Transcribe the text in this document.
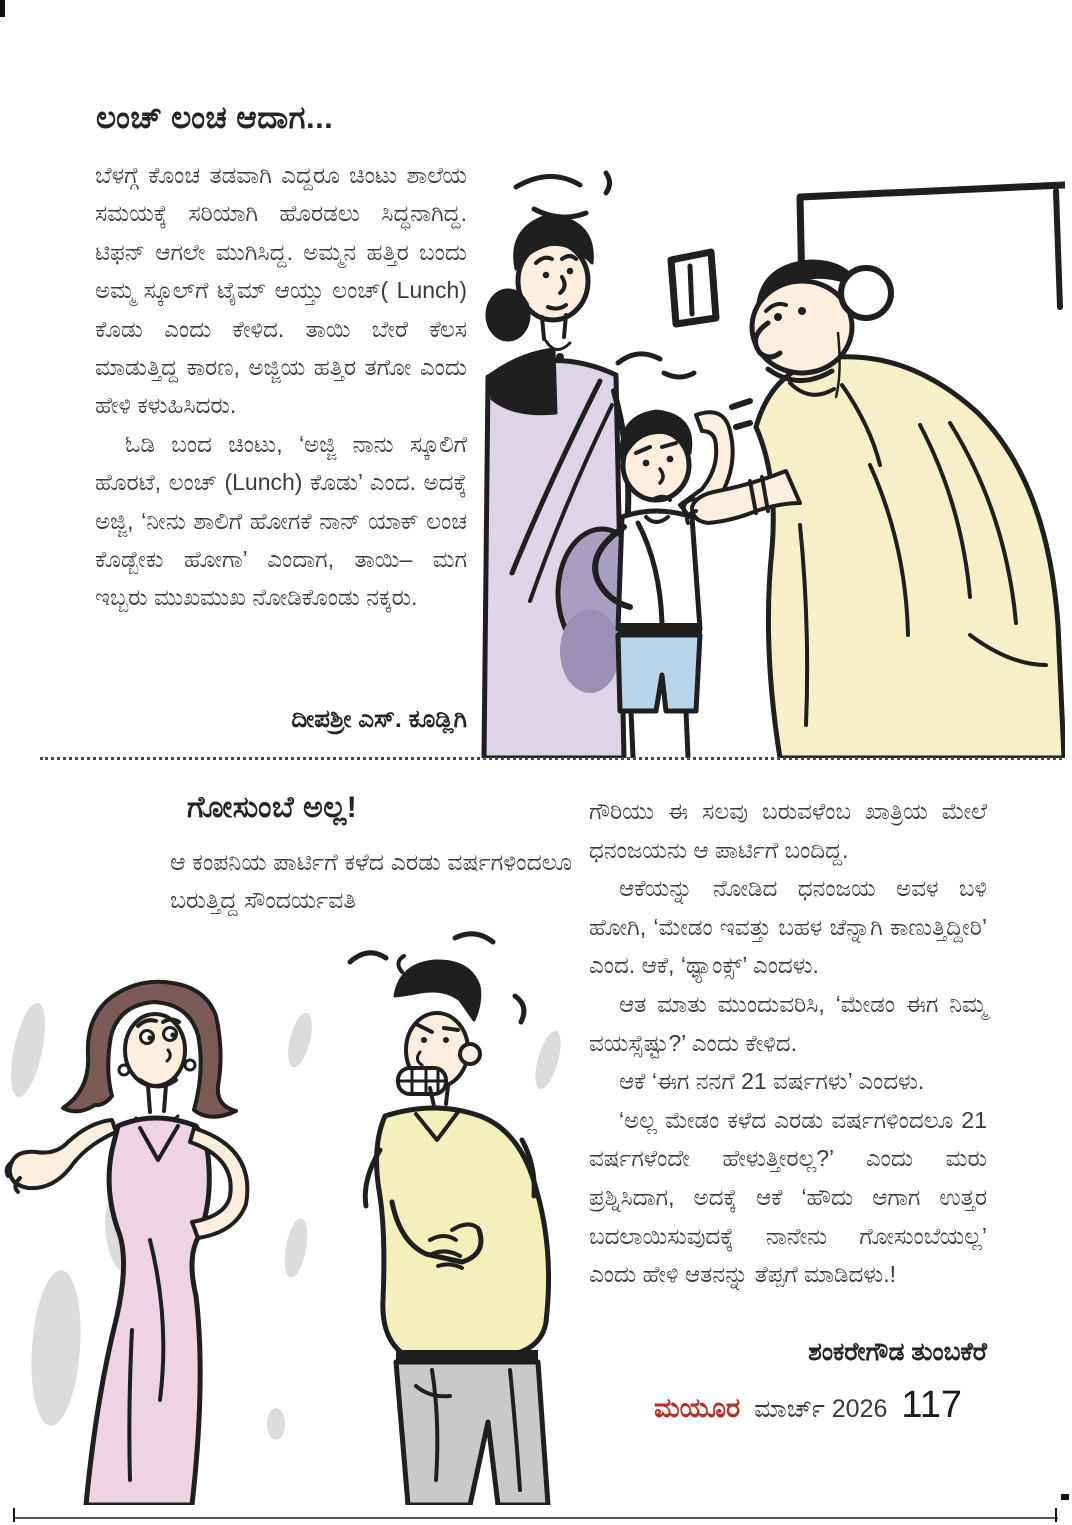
ಲಂಚ್ ಲಂಚ ಆದಾಗ...

ಬೆಳಗ್ಗೆ ಕೊಂಚ ತಡವಾಗಿ ಎದ್ದರೂ ಚಿಂಟು ಶಾಲೆಯ ಸಮಯಕ್ಕೆ ಸರಿಯಾಗಿ ಹೊರಡಲು ಸಿದ್ಧನಾಗಿದ್ದ. ಟಿಫನ್ ಆಗಲೇ ಮುಗಿಸಿದ್ದ. ಅಮ್ಮನ ಹತ್ತಿರ ಬಂದು ಅಮ್ಮ ಸ್ಕೂಲ್‌ಗೆ ಟೈಮ್ ಆಯ್ತು ಲಂಚ್( Lunch) ಕೊಡು ಎಂದು ಕೇಳಿದ. ತಾಯಿ ಬೇರೆ ಕೆಲಸ ಮಾಡುತ್ತಿದ್ದ ಕಾರಣ, ಅಜ್ಜಿಯ ಹತ್ತಿರ ತಗೋ ಎಂದು ಹೇಳಿ ಕಳುಹಿಸಿದರು.

ಓಡಿ ಬಂದ ಚಿಂಟು, ‘ಅಜ್ಜಿ ನಾನು ಸ್ಕೂಲಿಗೆ ಹೊರಟೆ, ಲಂಚ್ (Lunch) ಕೊಡು’ ಎಂದ. ಅದಕ್ಕೆ ಅಜ್ಜಿ, ‘ನೀನು ಶಾಲಿಗೆ ಹೋಗಕೆ ನಾನ್ ಯಾಕ್ ಲಂಚ ಕೊಡ್ಬೇಕು ಹೋಗಾ’ ಎಂದಾಗ, ತಾಯಿ– ಮಗ ಇಬ್ಬರು ಮುಖಮುಖ ನೋಡಿಕೊಂಡು ನಕ್ಕರು.

ದೀಪಶ್ರೀ ಎಸ್. ಕೂಡ್ಲಿಗಿ
ಗೋಸುಂಬೆ ಅಲ್ಲ!
ಆ ಕಂಪನಿಯ ಪಾರ್ಟಿಗೆ ಕಳೆದ ಎರಡು ವರ್ಷಗಳಿಂದಲೂ ಬರುತ್ತಿದ್ದ ಸೌಂದರ್ಯವತಿ

ಗೌರಿಯು ಈ ಸಲವು ಬರುವಳೆಂಬ ಖಾತ್ರಿಯ ಮೇಲೆ ಧನಂಜಯನು ಆ ಪಾರ್ಟಿಗೆ ಬಂದಿದ್ದ.

ಆಕೆಯನ್ನು ನೋಡಿದ ಧನಂಜಯ ಅವಳ ಬಳಿ ಹೋಗಿ, ‘ಮೇಡಂ ಇವತ್ತು ಬಹಳ ಚೆನ್ನಾಗಿ ಕಾಣುತ್ತಿದ್ದೀರಿ’ ಎಂದ. ಆಕೆ, ‘ಥ್ಯಾಂಕ್ಸ್’ ಎಂದಳು.

ಆತ ಮಾತು ಮುಂದುವರಿಸಿ, ‘ಮೇಡಂ ಈಗ ನಿಮ್ಮ ವಯಸ್ಸೆಷ್ಟು?’ ಎಂದು ಕೇಳಿದ.

ಆಕೆ ‘ಈಗ ನನಗೆ 21 ವರ್ಷಗಳು’ ಎಂದಳು.

‘ಅಲ್ಲ ಮೇಡಂ ಕಳೆದ ಎರಡು ವರ್ಷಗಳಿಂದಲೂ 21 ವರ್ಷಗಳೆಂದೇ ಹೇಳುತ್ತೀರಲ್ಲ?’ ಎಂದು ಮರು ಪ್ರಶ್ನಿಸಿದಾಗ, ಅದಕ್ಕೆ ಆಕೆ ‘ಹೌದು ಆಗಾಗ ಉತ್ತರ ಬದಲಾಯಿಸುವುದಕ್ಕೆ ನಾನೇನು ಗೋಸುಂಬೆಯಲ್ಲ’ ಎಂದು ಹೇಳಿ ಆತನನ್ನು ತೆಪ್ಪಗೆ ಮಾಡಿದಳು.!

ಶಂಕರೇಗೌಡ ತುಂಬಕೆರೆ
ಮಯೂರ ಮಾರ್ಚ್ 2026 117
